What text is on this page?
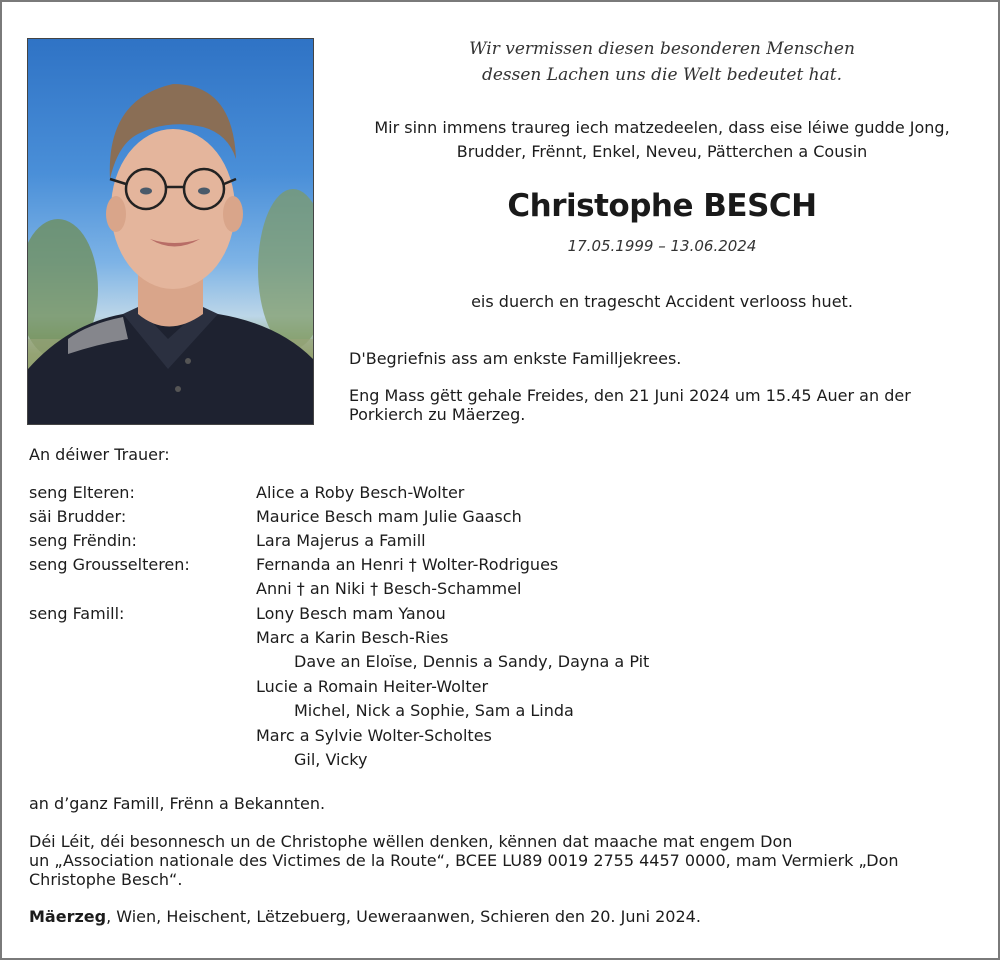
Wir vermissen diesen besonderen Menschen
dessen Lachen uns die Welt bedeutet hat.
Mir sinn immens traureg iech matzedeelen, dass eise léiwe gudde Jong,
Brudder, Frënnt, Enkel, Neveu, Pätterchen a Cousin
Christophe BESCH
17.05.1999 – 13.06.2024
eis duerch en tragescht Accident verlooss huet.
D'Begriefnis ass am enkste Familljekrees.
Eng Mass gëtt gehale Freides, den 21 Juni 2024 um 15.45 Auer an der
Porkierch zu Mäerzeg.
An déiwer Trauer:
seng Elteren:	Alice a Roby Besch-Wolter
säi Brudder:	Maurice Besch mam Julie Gaasch
seng Frëndin:	Lara Majerus a Famill
seng Grousselteren:	Fernanda an Henri † Wolter-Rodrigues
Anni † an Niki † Besch-Schammel
seng Famill:	Lony Besch mam Yanou
Marc a Karin Besch-Ries
Dave an Eloïse, Dennis a Sandy, Dayna a Pit
Lucie a Romain Heiter-Wolter
Michel, Nick a Sophie, Sam a Linda
Marc a Sylvie Wolter-Scholtes
Gil, Vicky
an d’ganz Famill, Frënn a Bekannten.
Déi Léit, déi besonnesch un de Christophe wëllen denken, kënnen dat maache mat engem Don
un „Association nationale des Victimes de la Route“, BCEE LU89 0019 2755 4457 0000, mam Vermierk „Don
Christophe Besch“.
Mäerzeg, Wien, Heischent, Lëtzebuerg, Ueweraanwen, Schieren den 20. Juni 2024.
